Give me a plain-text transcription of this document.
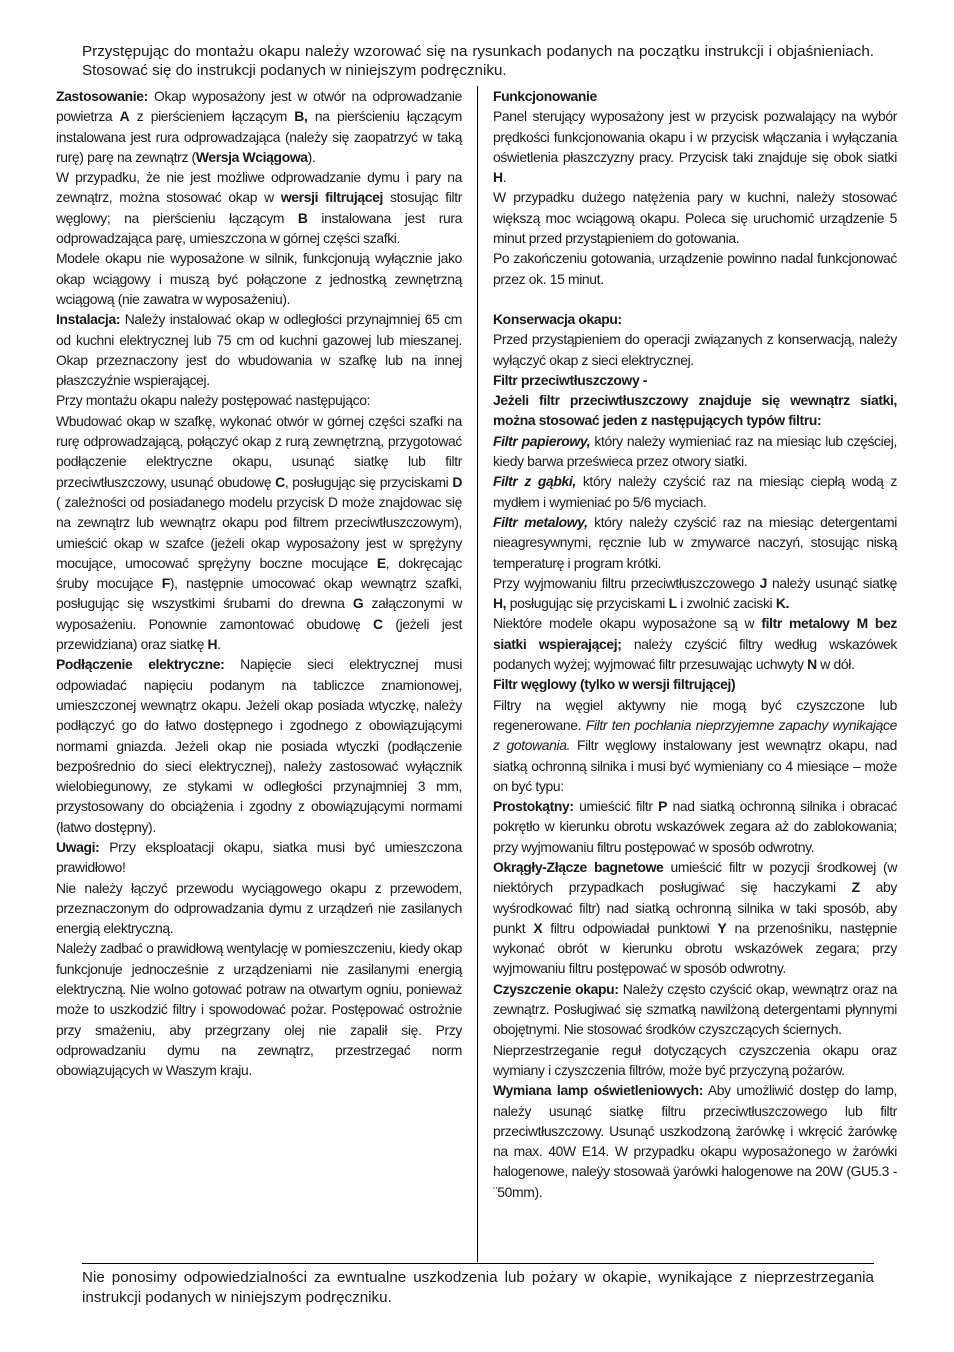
Przystępując do montażu okapu należy wzorować się na rysunkach podanych na początku instrukcji i objaśnieniach. Stosować się do instrukcji podanych w niniejszym podręczniku.

Zastosowanie: Okap wyposażony jest w otwór na odprowadzanie powietrza A z pierścieniem łączącym B, na pierścieniu łączącym instalowana jest rura odprowadzająca (należy się zaopatrzyć w taką rurę) parę na zewnątrz (Wersja Wciągowa).

W przypadku, że nie jest możliwe odprowadzanie dymu i pary na zewnątrz, można stosować okap w wersji filtrującej stosując filtr węglowy; na pierścieniu łączącym B instalowana jest rura odprowadzająca parę, umieszczona w górnej części szafki.

Modele okapu nie wyposażone w silnik, funkcjonują wyłącznie jako okap wciągowy i muszą być połączone z jednostką zewnętrzną wciągową (nie zawatra w wyposażeniu).

Instalacja: Należy instalować okap w odległości przynajmniej 65 cm od kuchni elektrycznej lub 75 cm od kuchni gazowej lub mieszanej. Okap przeznaczony jest do wbudowania w szafkę lub na innej płaszczyźnie wspierającej.

Przy montażu okapu należy postępować następująco:

Wbudować okap w szafkę, wykonać otwór w górnej części szafki na rurę odprowadzającą, połączyć okap z rurą zewnętrzną, przygotować podłączenie elektryczne okapu, usunąć siatkę lub filtr przeciwtłuszczowy, usunąć obudowę C, posługując się przyciskami D ( zależności od posiadanego modelu przycisk D może znajdowac się na zewnątrz lub wewnątrz okapu pod filtrem przeciwtłuszczowym), umieścić okap w szafce (jeżeli okap wyposażony jest w sprężyny mocujące, umocować sprężyny boczne mocujące E, dokręcając śruby mocujące F), następnie umocować okap wewnątrz szafki, posługując się wszystkimi śrubami do drewna G załączonymi w wyposażeniu. Ponownie zamontować obudowę C (jeżeli jest przewidziana) oraz siatkę H.

Podłączenie elektryczne: Napięcie sieci elektrycznej musi odpowiadać napięciu podanym na tabliczce znamionowej, umieszczonej wewnątrz okapu. Jeżeli okap posiada wtyczkę, należy podłączyć go do łatwo dostępnego i zgodnego z obowiązującymi normami gniazda. Jeżeli okap nie posiada wtyczki (podłączenie bezpośrednio do sieci elektrycznej), należy zastosować wyłącznik wielobiegunowy, ze stykami w odległości przynajmniej 3 mm, przystosowany do obciążenia i zgodny z obowiązującymi normami (łatwo dostępny).

Uwagi: Przy eksploatacji okapu, siatka musi być umieszczona prawidłowo!

Nie należy łączyć przewodu wyciągowego okapu z przewodem, przeznaczonym do odprowadzania dymu z urządzeń nie zasilanych energią elektryczną.

Należy zadbać o prawidłową wentylację w pomieszczeniu, kiedy okap funkcjonuje jednocześnie z urządzeniami nie zasilanymi energią elektryczną. Nie wolno gotować potraw na otwartym ogniu, ponieważ może to uszkodzić filtry i spowodować pożar. Postępować ostrożnie przy smażeniu, aby przegrzany olej nie zapalił się. Przy odprowadzaniu dymu na zewnątrz, przestrzegać norm obowiązujących w Waszym kraju.

Funkcjonowanie

Panel sterujący wyposażony jest w przycisk pozwalający na wybór prędkości funkcjonowania okapu i w przycisk włączania i wyłączania oświetlenia płaszczyzny pracy. Przycisk taki znajduje się obok siatki H.

W przypadku dużego natężenia pary w kuchni, należy stosować większą moc wciągową okapu. Poleca się uruchomić urządzenie 5 minut przed przystąpieniem do gotowania.

Po zakończeniu gotowania, urządzenie powinno nadal funkcjonować przez ok. 15 minut.

Konserwacja okapu:

Przed przystąpieniem do operacji związanych z konserwacją, należy wyłączyć okap z sieci elektrycznej.

Filtr przeciwtłuszczowy -

Jeżeli filtr przeciwtłuszczowy znajduje się wewnątrz siatki, można stosować jeden z następujących typów filtru:

Filtr papierowy, który należy wymieniać raz na miesiąc lub częściej, kiedy barwa prześwieca przez otwory siatki.

Filtr z gąbki, który należy czyścić raz na miesiąc ciepłą wodą z mydłem i wymieniać po 5/6 myciach.

Filtr metalowy, który należy czyścić raz na miesiąc detergentami nieagresywnymi, ręcznie lub w zmywarce naczyń, stosując niską temperaturę i program krótki.

Przy wyjmowaniu filtru przeciwtłuszczowego J należy usunąć siatkę H, posługując się przyciskami L i zwolnić zaciski K.

Niektóre modele okapu wyposażone są w filtr metalowy M bez siatki wspierającej; należy czyścić filtry według wskazówek podanych wyżej; wyjmować filtr przesuwając uchwyty N w dół.

Filtr węglowy (tylko w wersji filtrującej)

Filtry na węgiel aktywny nie mogą być czyszczone lub regenerowane. Filtr ten pochłania nieprzyjemne zapachy wynikające z gotowania. Filtr węglowy instalowany jest wewnątrz okapu, nad siatką ochronną silnika i musi być wymieniany co 4 miesiące – może on być typu:

Prostokątny: umieścić filtr P nad siatką ochronną silnika i obracać pokrętło w kierunku obrotu wskazówek zegara aż do zablokowania; przy wyjmowaniu filtru postępować w sposób odwrotny.

Okrągły-Złącze bagnetowe umieścić filtr w pozycji środkowej (w niektórych przypadkach posługiwać się haczykami Z aby wyśrodkować filtr) nad siatką ochronną silnika w taki sposób, aby punkt X filtru odpowiadał punktowi Y na przenośniku, następnie wykonać obrót w kierunku obrotu wskazówek zegara; przy wyjmowaniu filtru postępować w sposób odwrotny.

Czyszczenie okapu: Należy często czyścić okap, wewnątrz oraz na zewnątrz. Posługiwać się szmatką nawilżoną detergentami płynnymi obojętnymi. Nie stosować środków czyszczących ściernych.

Nieprzestrzeganie reguł dotyczących czyszczenia okapu oraz wymiany i czyszczenia filtrów, może być przyczyną pożarów.

Wymiana lamp oświetleniowych: Aby umożliwić dostęp do lamp, należy usunąć siatkę filtru przeciwtłuszczowego lub filtr przeciwtłuszczowy. Usunąć uszkodzoną żarówkę i wkręcić żarówkę na max. 40W E14. W przypadku okapu wyposażonego w żarówki halogenowe, naleÿy stosowaä ÿarówki halogenowe na 20W (GU5.3 - ¨50mm).

Nie ponosimy odpowiedzialności za ewntualne uszkodzenia lub pożary w okapie, wynikające z nieprzestrzegania instrukcji podanych w niniejszym podręczniku.
